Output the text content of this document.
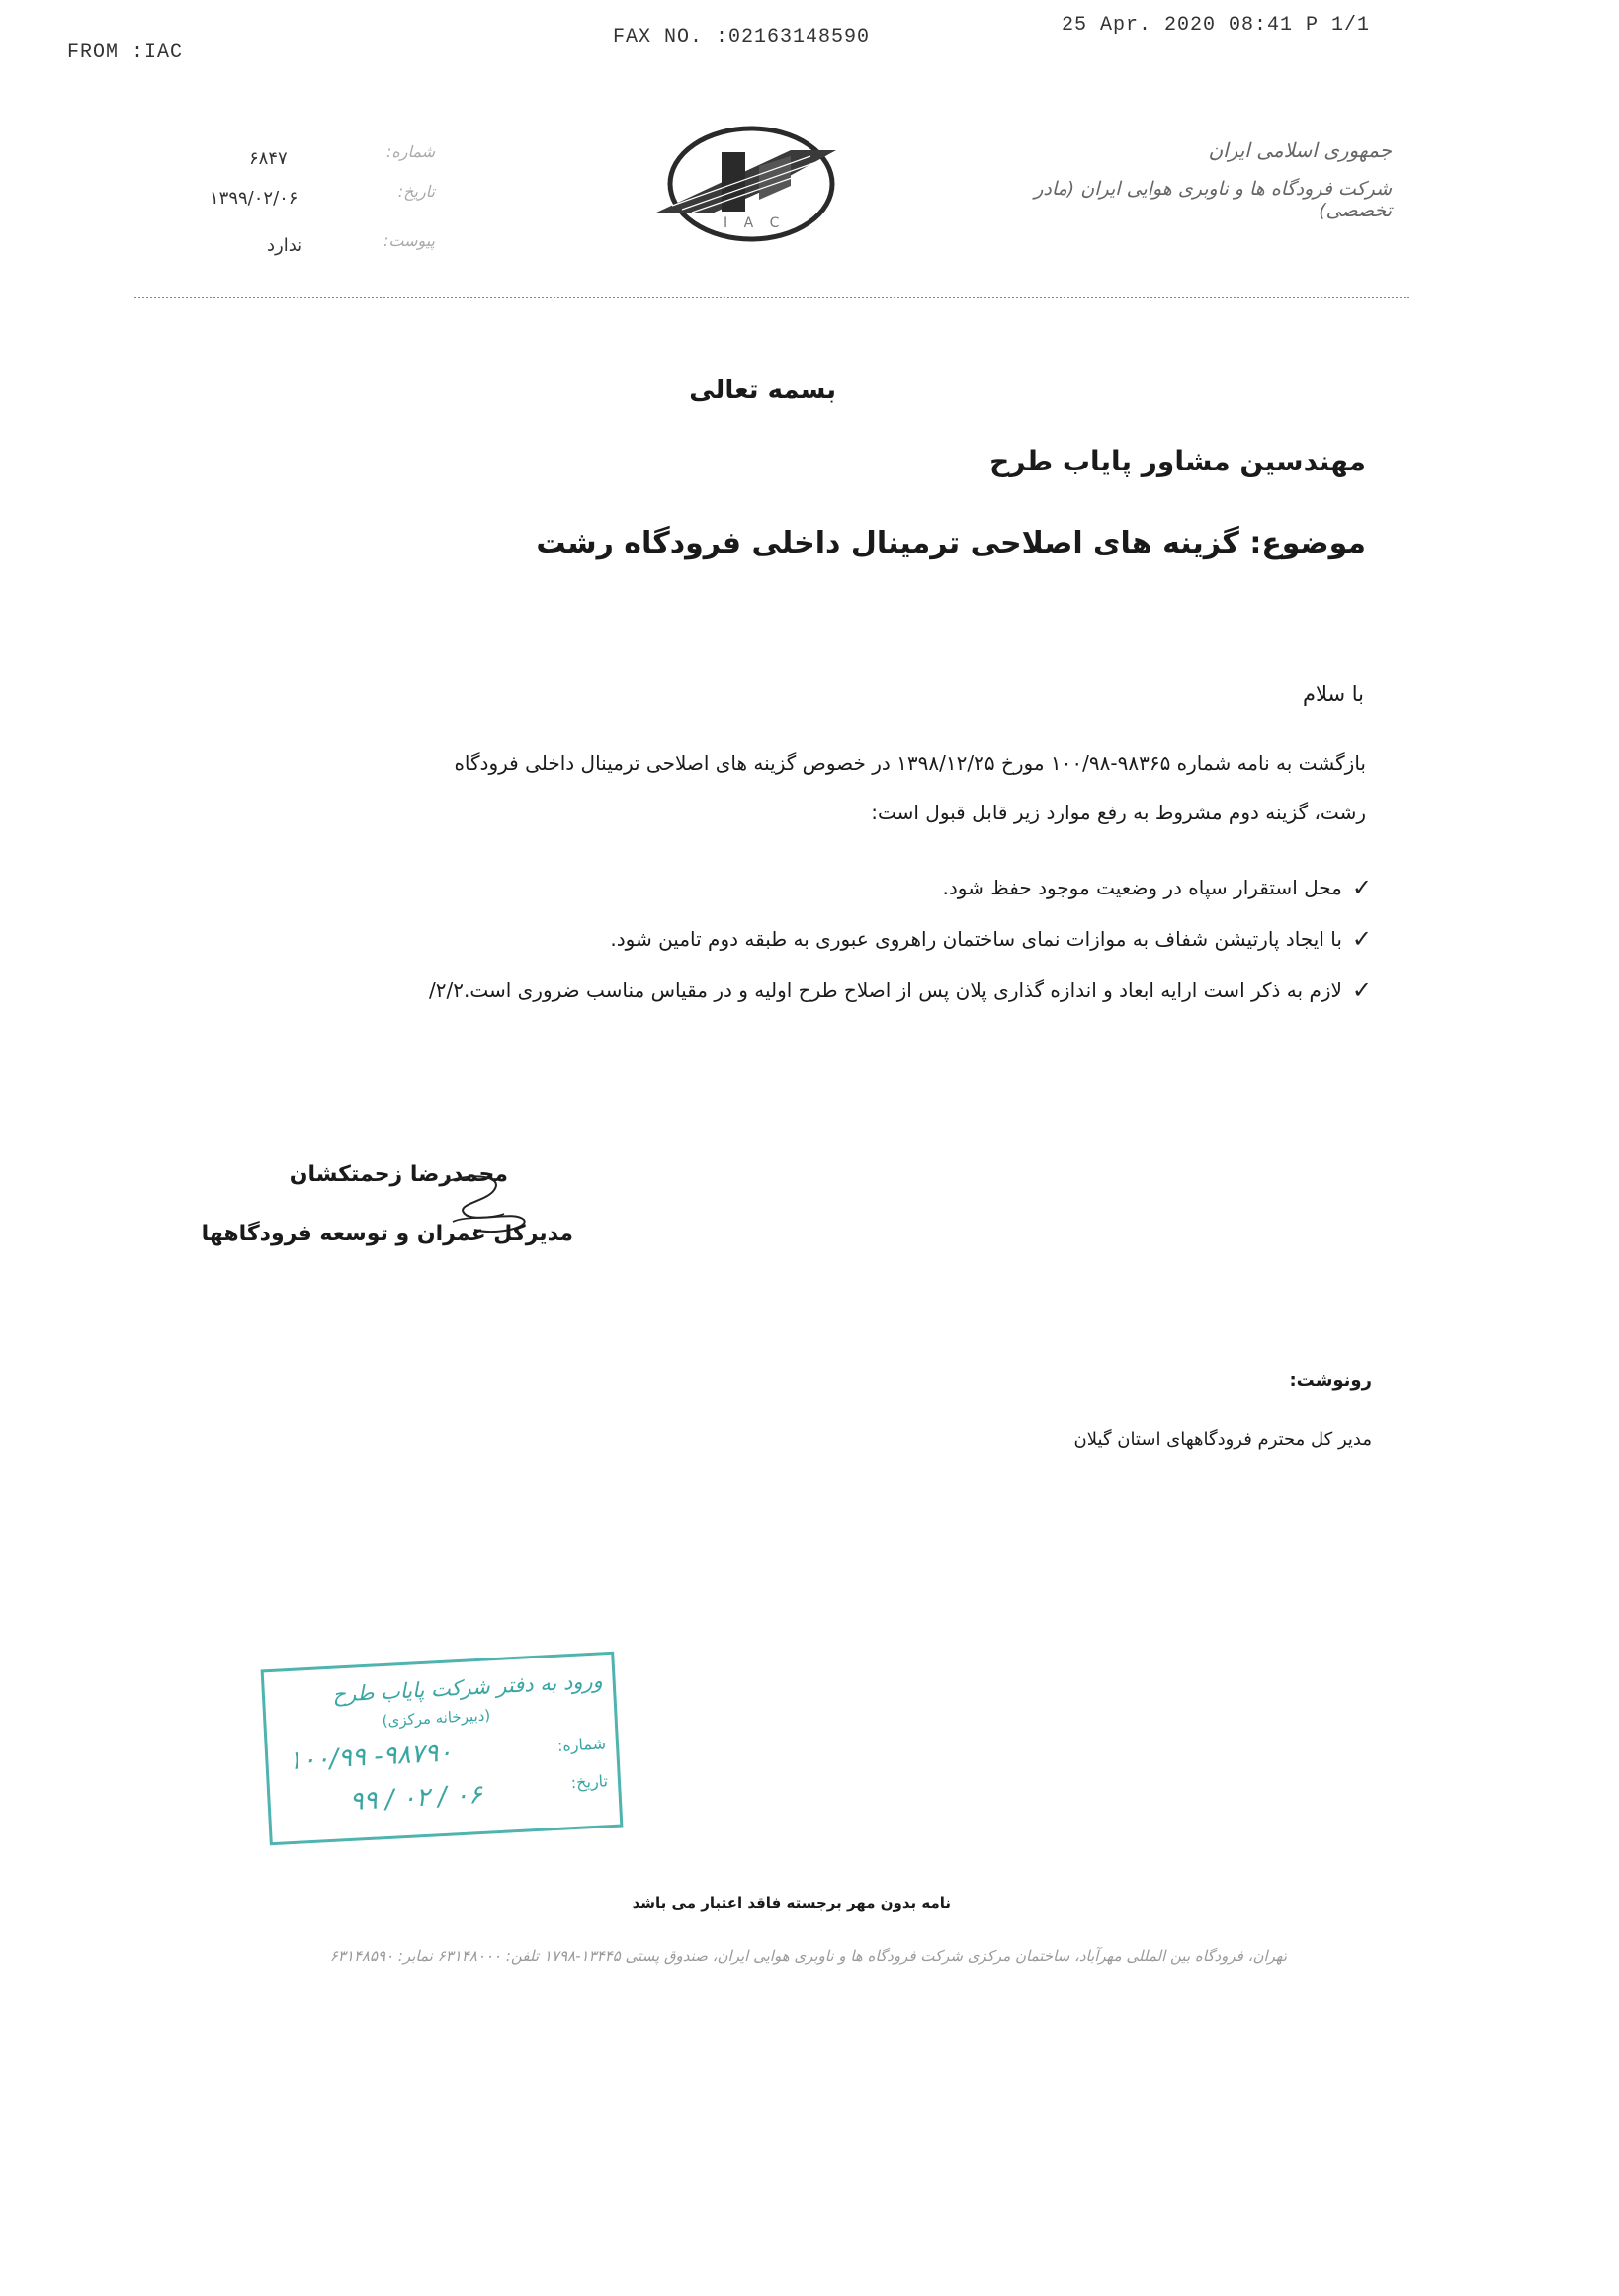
FROM :IAC
FAX NO. :02163148590
25 Apr. 2020 08:41 P 1/1
جمهوری اسلامی ایران
شرکت فرودگاه ها و ناوبری هوایی ایران (مادر تخصصی)
I A C
شماره:
۶۸۴۷
تاریخ:
۱۳۹۹/۰۲/۰۶
پیوست:
ندارد
بسمه تعالی
مهندسین مشاور پایاب طرح
موضوع: گزینه های اصلاحی ترمینال داخلی فرودگاه رشت
با سلام
بازگشت به نامه شماره ۹۸۳۶۵-۱۰۰/۹۸ مورخ ۱۳۹۸/۱۲/۲۵ در خصوص گزینه های اصلاحی ترمینال داخلی فرودگاه
رشت، گزینه دوم مشروط به رفع موارد زیر قابل قبول است:
✓
محل استقرار سپاه در وضعیت موجود حفظ شود.
✓
با ایجاد پارتیشن شفاف به موازات نمای ساختمان راهروی عبوری به طبقه دوم تامین شود.
✓
لازم به ذکر است ارایه ابعاد و اندازه گذاری پلان پس از اصلاح طرح اولیه و در مقیاس مناسب ضروری است.۲/۲/
محمدرضا زحمتکشان
مدیرکل عمران و توسعه فرودگاهها
رونوشت:
مدیر کل محترم فرودگاههای استان گیلان
ورود به دفتر شرکت پایاب طرح
(دبیرخانه مرکزی)
شماره:
۱۰۰/۹۹ -۹۸۷۹۰
تاریخ:
۹۹ / ۰۲ / ۰۶
نامه بدون مهر برجسته فاقد اعتبار می باشد
تهران، فرودگاه بین المللی مهرآباد، ساختمان مرکزی شرکت فرودگاه ها و ناوبری هوایی ایران، صندوق پستی ۱۳۴۴۵-۱۷۹۸ تلفن: ۶۳۱۴۸۰۰۰ نمابر: ۶۳۱۴۸۵۹۰
